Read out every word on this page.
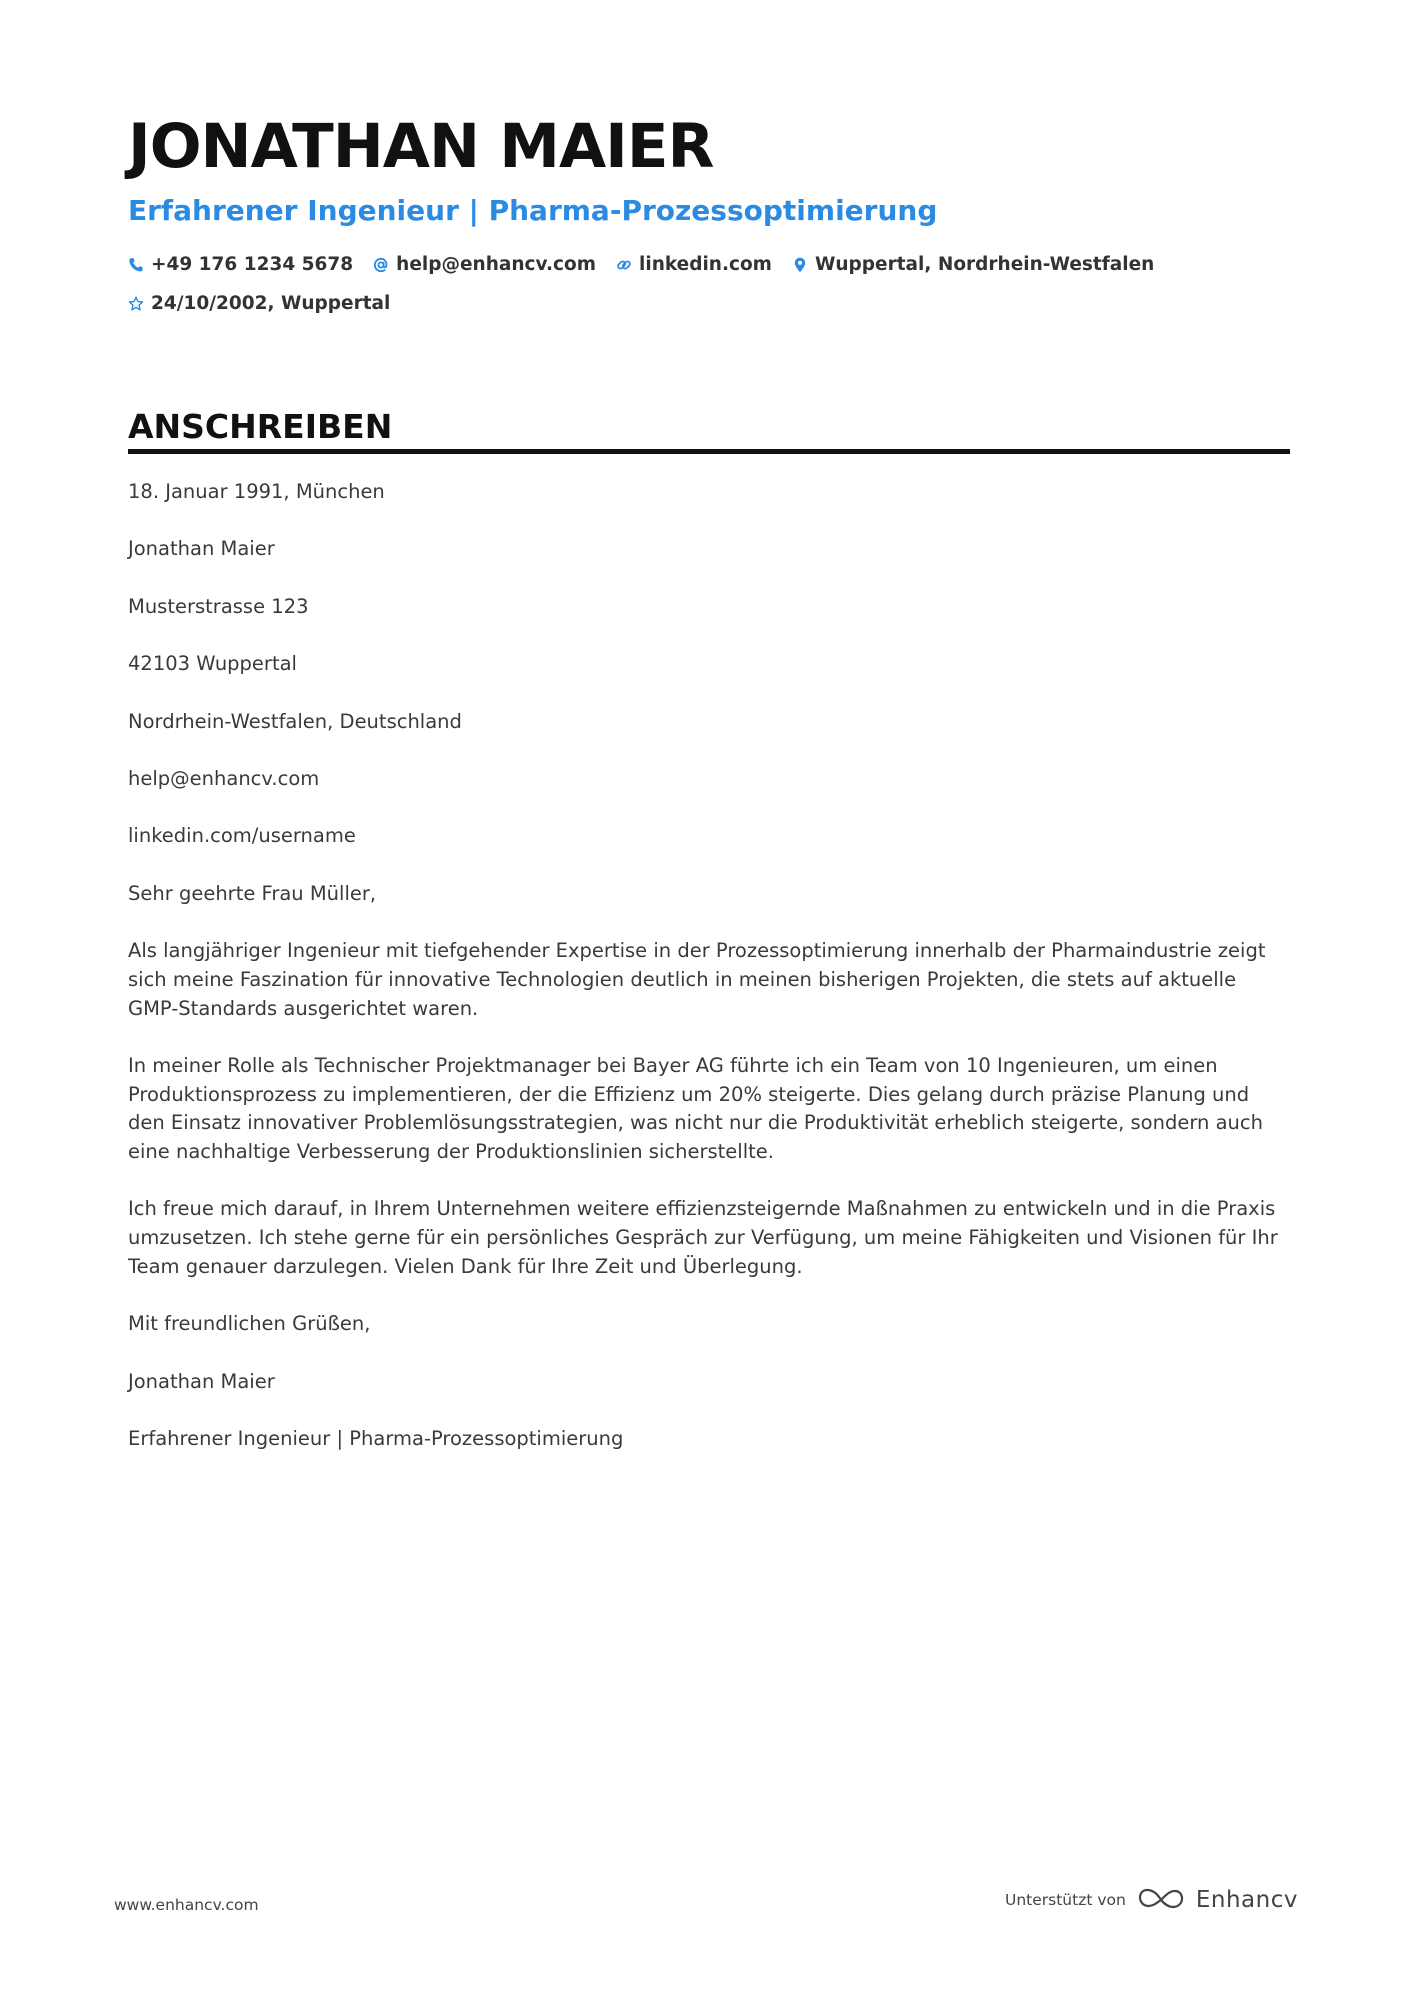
JONATHAN MAIER
Erfahrener Ingenieur | Pharma-Prozessoptimierung
+49 176 1234 5678 help@enhancv.com linkedin.com Wuppertal, Nordrhein-Westfalen
24/10/2002, Wuppertal
ANSCHREIBEN

18. Januar 1991, München

Jonathan Maier

Musterstrasse 123

42103 Wuppertal

Nordrhein-Westfalen, Deutschland

help@enhancv.com

linkedin.com/username

Sehr geehrte Frau Müller,

Als langjähriger Ingenieur mit tiefgehender Expertise in der Prozessoptimierung innerhalb der Pharmaindustrie zeigt sich meine Faszination für innovative Technologien deutlich in meinen bisherigen Projekten, die stets auf aktuelle GMP-Standards ausgerichtet waren.

In meiner Rolle als Technischer Projektmanager bei Bayer AG führte ich ein Team von 10 Ingenieuren, um einen Produktionsprozess zu implementieren, der die Effizienz um 20% steigerte. Dies gelang durch präzise Planung und den Einsatz innovativer Problemlösungsstrategien, was nicht nur die Produktivität erheblich steigerte, sondern auch eine nachhaltige Verbesserung der Produktionslinien sicherstellte.

Ich freue mich darauf, in Ihrem Unternehmen weitere effizienzsteigernde Maßnahmen zu entwickeln und in die Praxis umzusetzen. Ich stehe gerne für ein persönliches Gespräch zur Verfügung, um meine Fähigkeiten und Visionen für Ihr Team genauer darzulegen. Vielen Dank für Ihre Zeit und Überlegung.

Mit freundlichen Grüßen,

Jonathan Maier

Erfahrener Ingenieur | Pharma-Prozessoptimierung

www.enhancv.com	Unterstützt von	Enhancv
